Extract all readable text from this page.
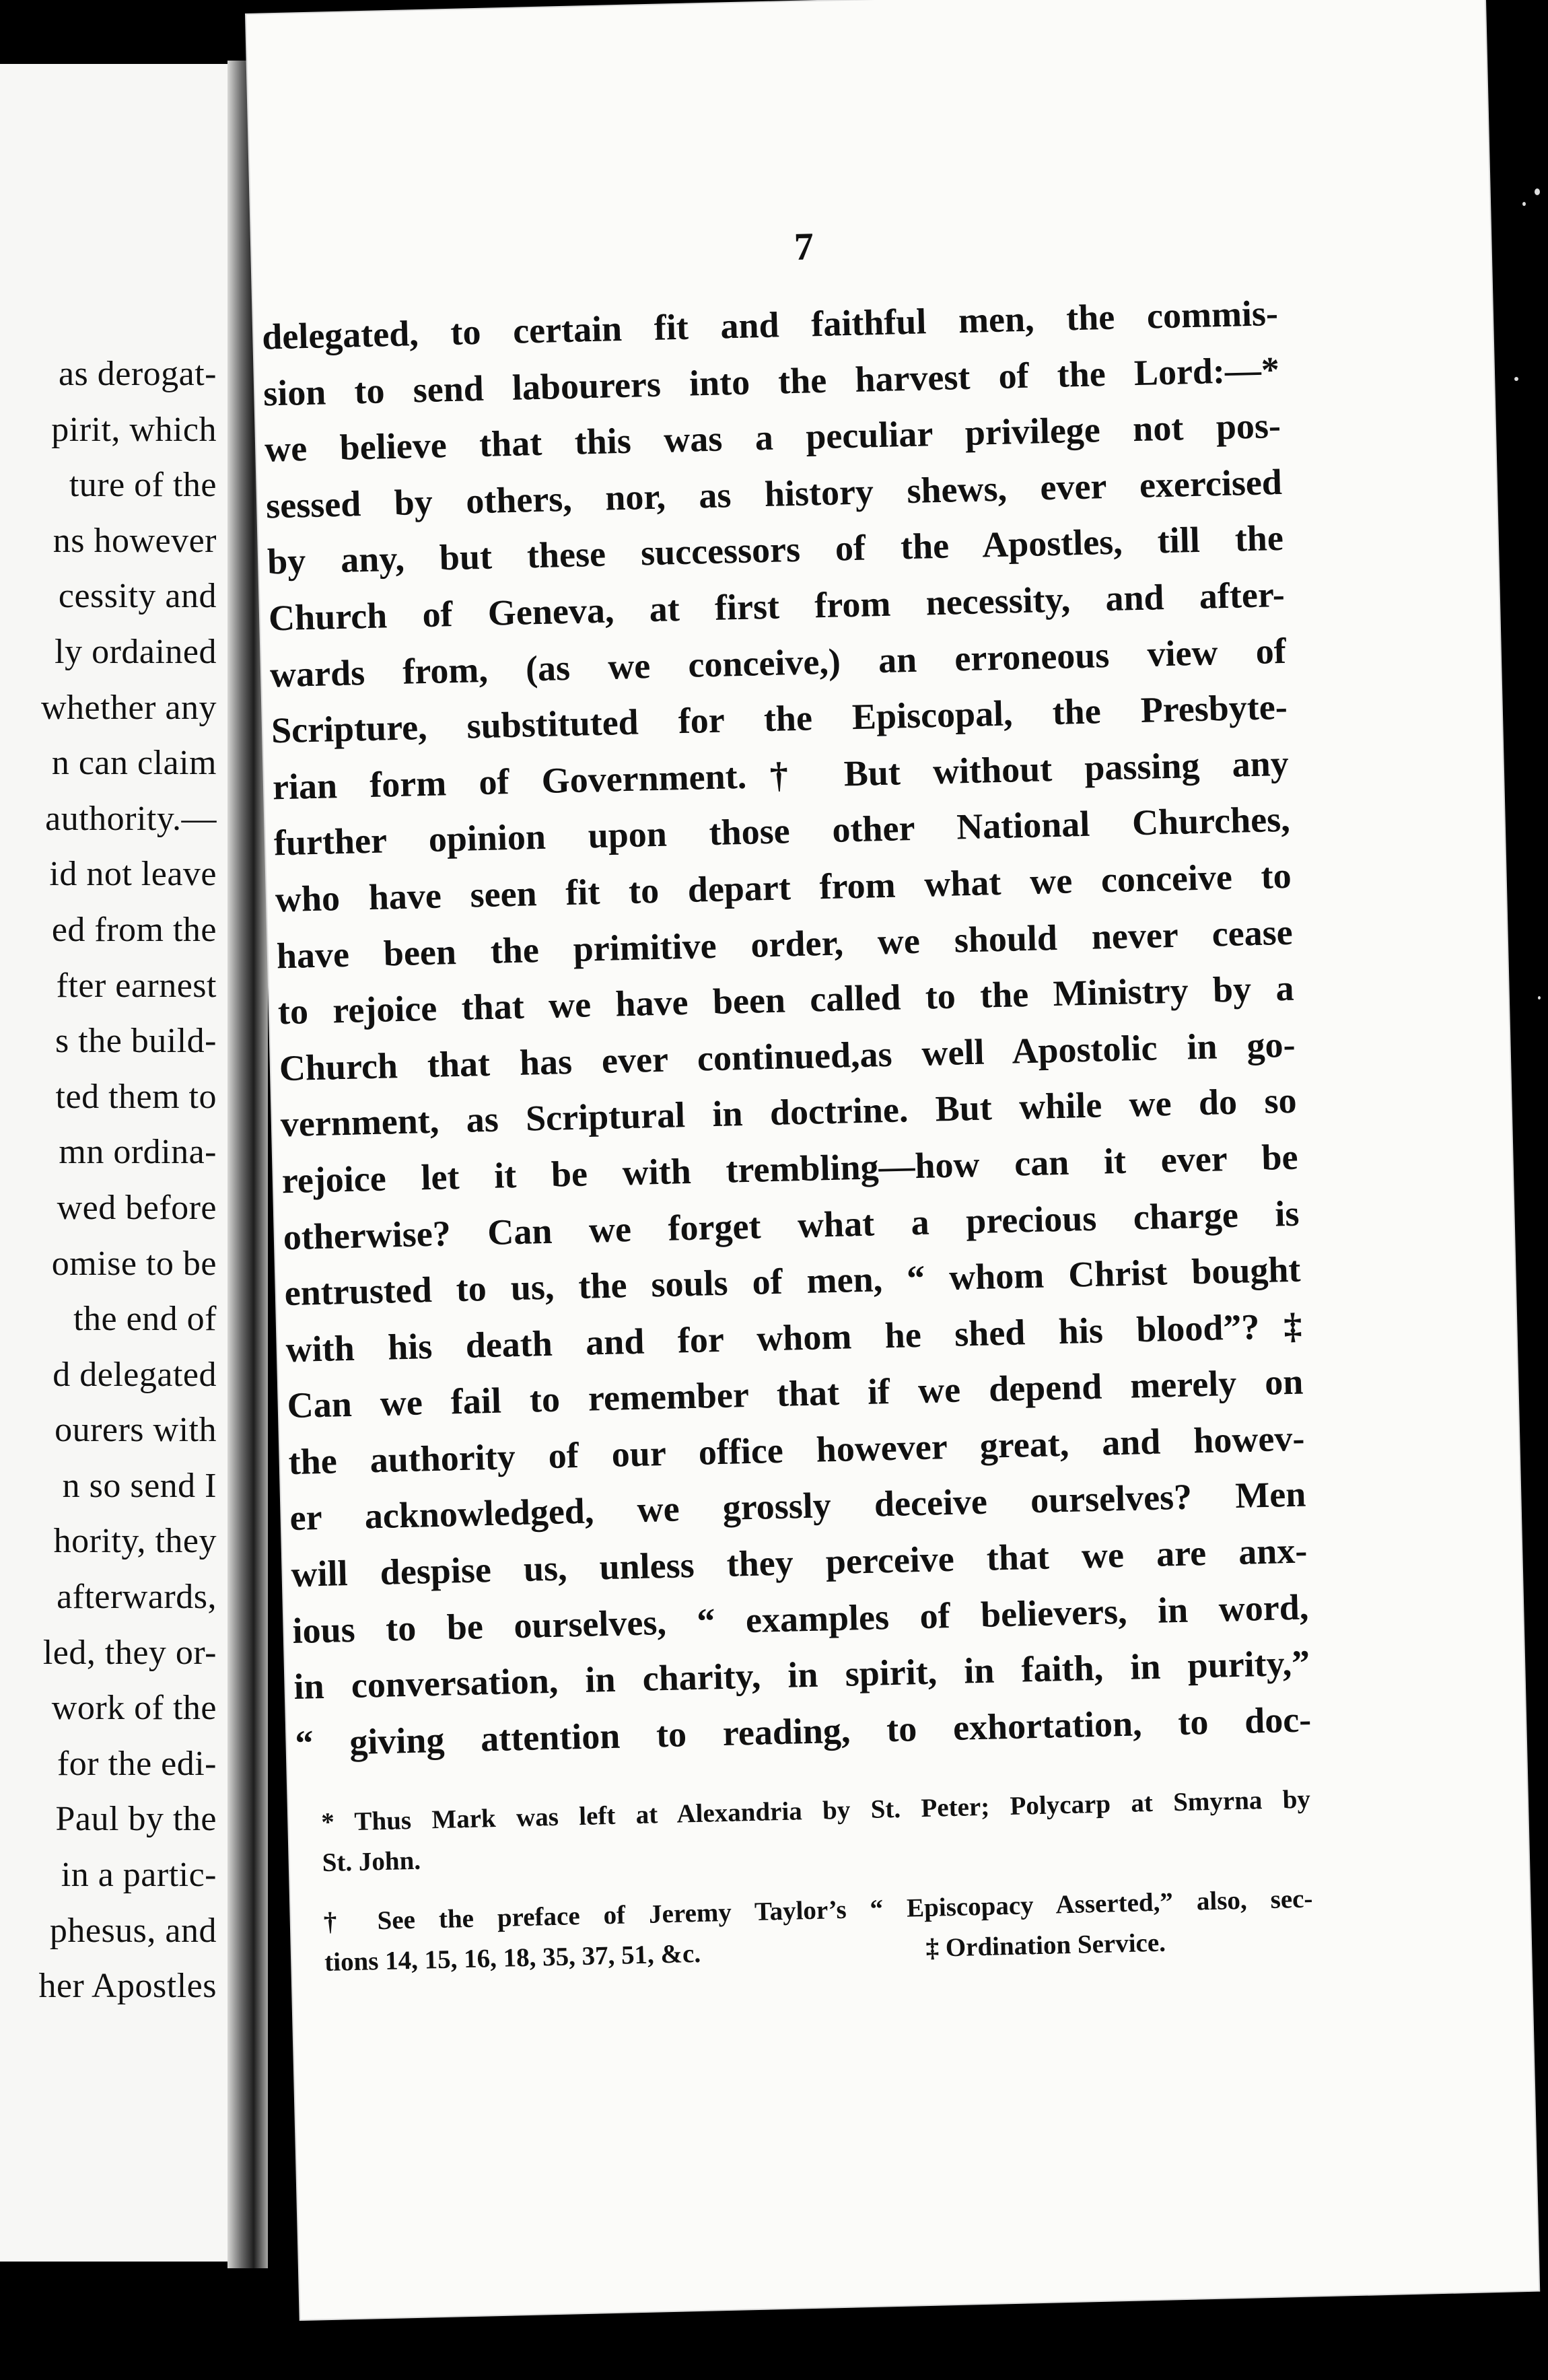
as derogat-
pirit, which
ture of the
ns however
cessity and
ly ordained
whether any
n can claim
authority.—
id not leave
ed from the
fter earnest
s the build-
ted them to
mn ordina-
wed before
omise to be
the end of
d delegated
ourers with
n so send I
hority, they
afterwards,
led, they or-
work of the
for the edi-
Paul by the
in a partic-
phesus, and
her Apostles
7
delegated, to certain fit and faithful men, the commis-
sion to send labourers into the harvest of the Lord:—*
we believe that this was a peculiar privilege not pos-
sessed by others, nor, as history shews, ever exercised
by any, but these successors of the Apostles, till the
Church of Geneva, at first from necessity, and after-
wards from, (as we conceive,) an erroneous view of
Scripture, substituted for the Episcopal, the Presbyte-
rian form of Government.† But without passing any
further opinion upon those other National Churches,
who have seen fit to depart from what we conceive to
have been the primitive order, we should never cease
to rejoice that we have been called to the Ministry by a
Church that has ever continued,as well Apostolic in go-
vernment, as Scriptural in doctrine. But while we do so
rejoice let it be with trembling—how can it ever be
otherwise? Can we forget what a precious charge is
entrusted to us, the souls of men, “ whom Christ bought
with his death and for whom he shed his blood”?‡
Can we fail to remember that if we depend merely on
the authority of our office however great, and howev-
er acknowledged, we grossly deceive ourselves? Men
will despise us, unless they perceive that we are anx-
ious to be ourselves, “ examples of believers, in word,
in conversation, in charity, in spirit, in faith, in purity,”
“ giving attention to reading, to exhortation, to doc-
* Thus Mark was left at Alexandria by St. Peter; Polycarp at Smyrna by
St. John.
† See the preface of Jeremy Taylor’s “ Episcopacy Asserted,” also, sec-
tions 14, 15, 16, 18, 35, 37, 51, &c.	‡ Ordination Service.
